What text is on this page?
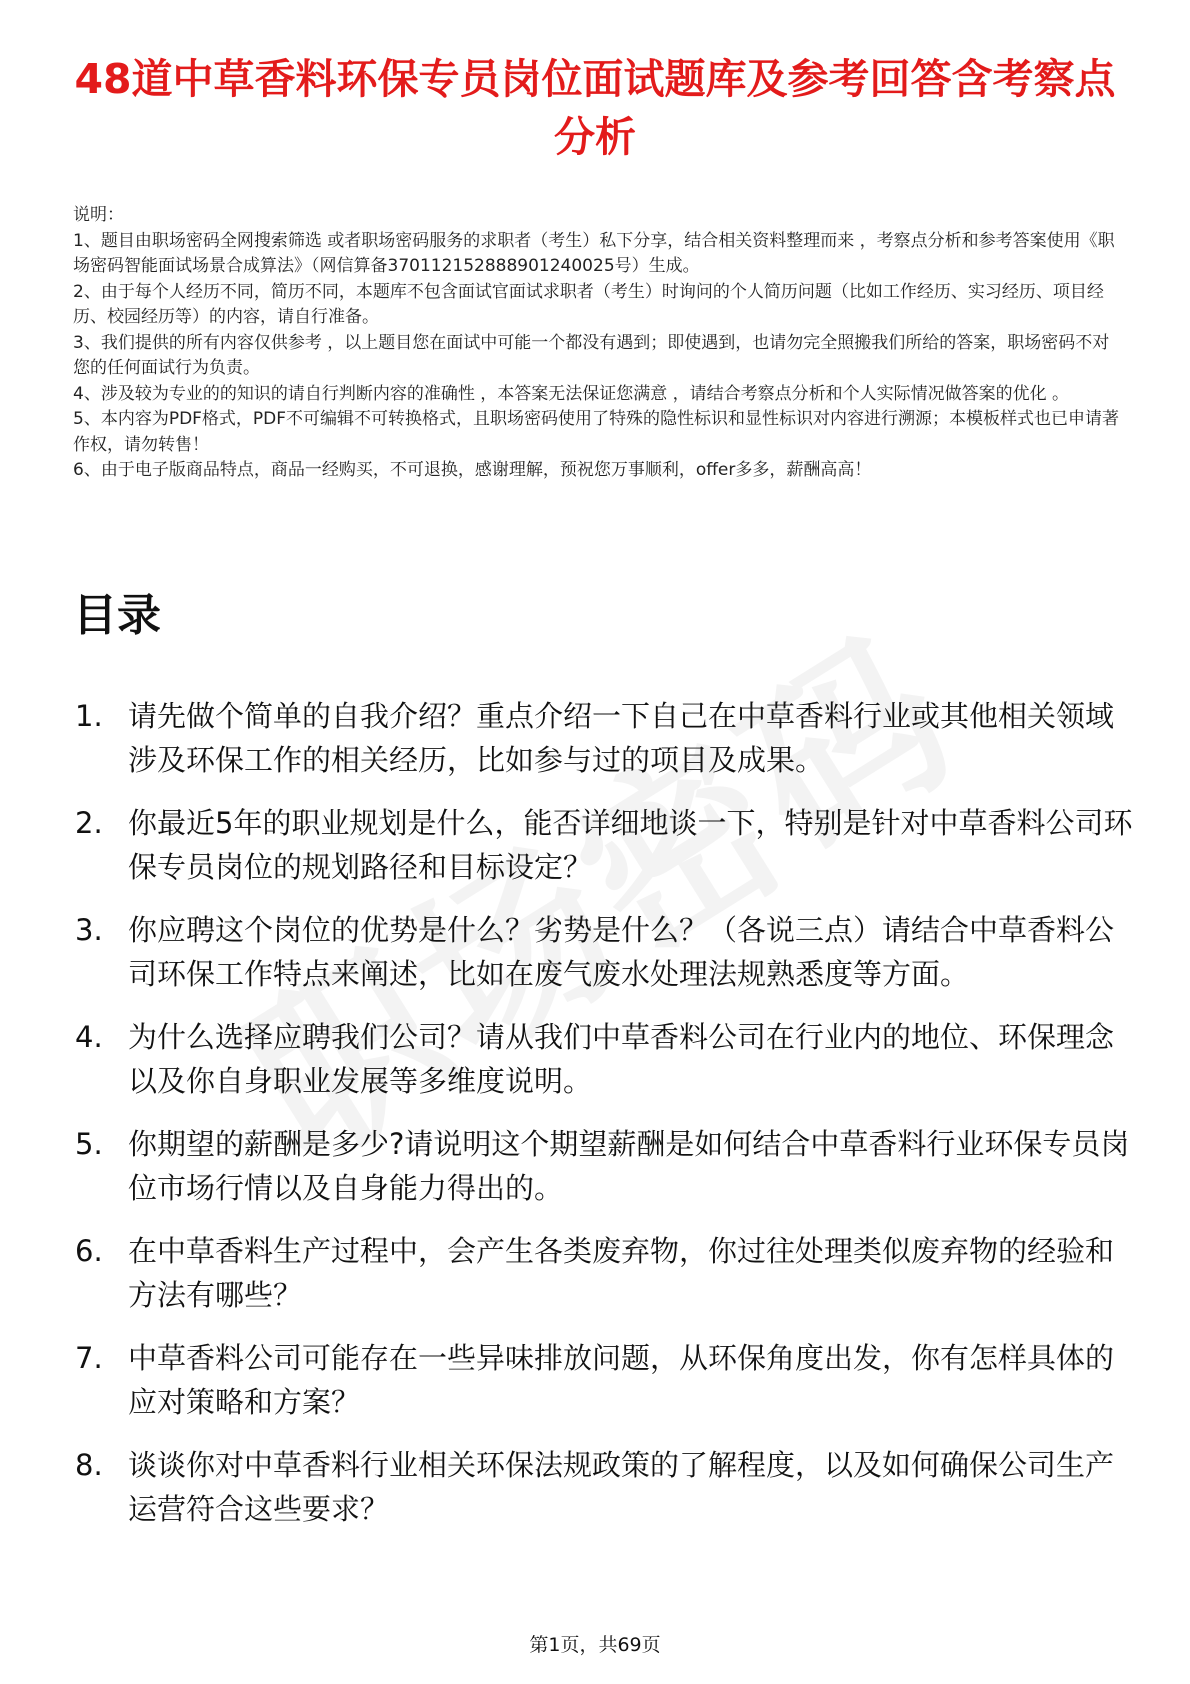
48道中草香料环保专员岗位面试题库及参考回答含考察点分析

说明：

1、题目由职场密码全网搜索筛选 或者职场密码服务的求职者（考生）私下分享，结合相关资料整理而来 ，考察点分析和参考答案使用《职场密码智能面试场景合成算法》（网信算备370112152888901240025号）生成。

2、由于每个人经历不同，简历不同，本题库不包含面试官面试求职者（考生）时询问的个人简历问题（比如工作经历、实习经历、项目经历、校园经历等）的内容，请自行准备。

3、我们提供的所有内容仅供参考 ，以上题目您在面试中可能一个都没有遇到；即使遇到，也请勿完全照搬我们所给的答案，职场密码不对您的任何面试行为负责。

4、涉及较为专业的的知识的请自行判断内容的准确性 ，本答案无法保证您满意 ，请结合考察点分析和个人实际情况做答案的优化 。

5、本内容为PDF格式，PDF不可编辑不可转换格式，且职场密码使用了特殊的隐性标识和显性标识对内容进行溯源；本模板样式也已申请著作权，请勿转售！

6、由于电子版商品特点，商品一经购买，不可退换，感谢理解，预祝您万事顺利，offer多多，薪酬高高！

目录
1. 请先做个简单的自我介绍？重点介绍一下自己在中草香料行业或其他相关领域涉及环保工作的相关经历，比如参与过的项目及成果。
2. 你最近5年的职业规划是什么，能否详细地谈一下，特别是针对中草香料公司环保专员岗位的规划路径和目标设定？
3. 你应聘这个岗位的优势是什么？劣势是什么？（各说三点）请结合中草香料公司环保工作特点来阐述，比如在废气废水处理法规熟悉度等方面。
4. 为什么选择应聘我们公司？请从我们中草香料公司在行业内的地位、环保理念以及你自身职业发展等多维度说明。
5. 你期望的薪酬是多少?请说明这个期望薪酬是如何结合中草香料行业环保专员岗位市场行情以及自身能力得出的。
6. 在中草香料生产过程中，会产生各类废弃物，你过往处理类似废弃物的经验和方法有哪些？
7. 中草香料公司可能存在一些异味排放问题，从环保角度出发，你有怎样具体的应对策略和方案？
8. 谈谈你对中草香料行业相关环保法规政策的了解程度，以及如何确保公司生产运营符合这些要求？
第1页，共69页
